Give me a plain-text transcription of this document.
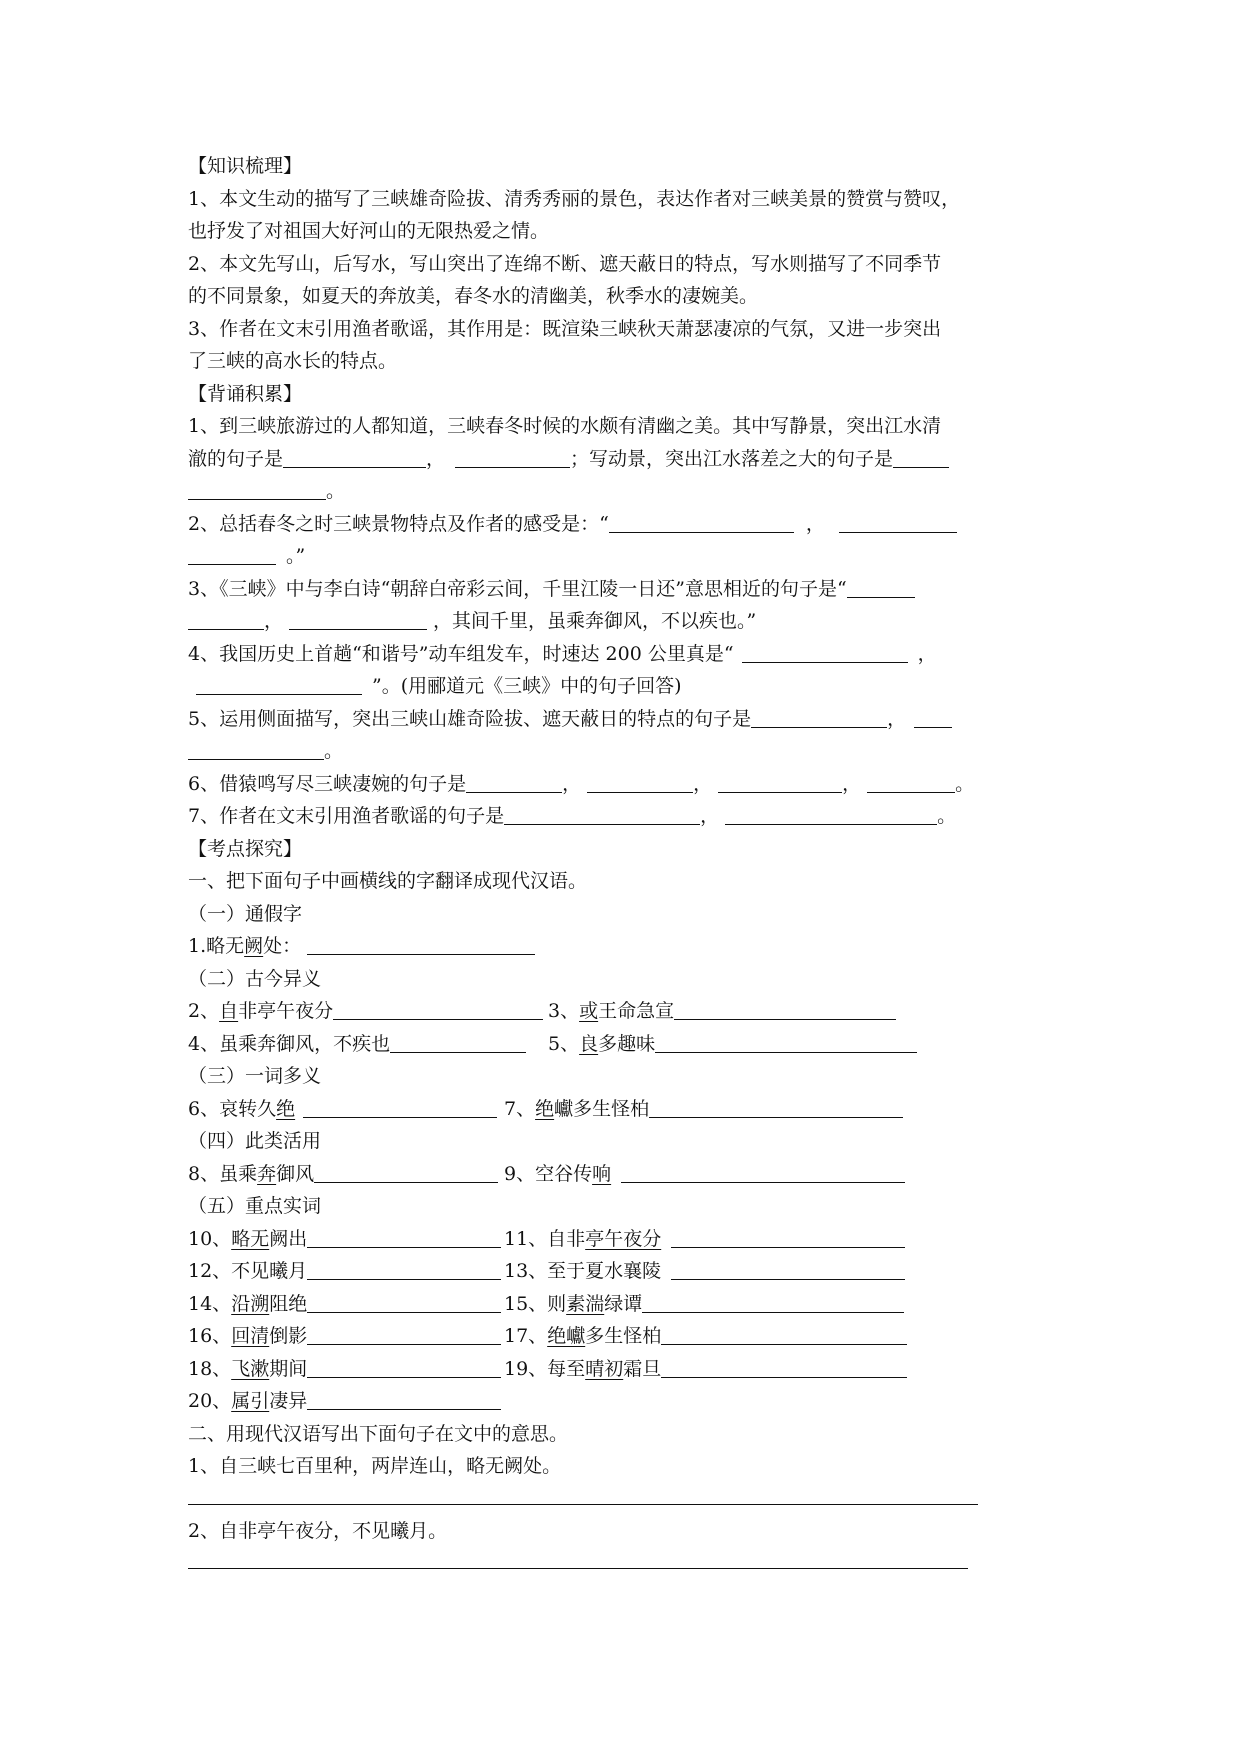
【知识梳理】
1、本文生动的描写了三峡雄奇险拔、清秀秀丽的景色，表达作者对三峡美景的赞赏与赞叹，
也抒发了对祖国大好河山的无限热爱之情。
2、本文先写山，后写水，写山突出了连绵不断、遮天蔽日的特点，写水则描写了不同季节
的不同景象，如夏天的奔放美，春冬水的清幽美，秋季水的凄婉美。
3、作者在文末引用渔者歌谣，其作用是：既渲染三峡秋天萧瑟凄凉的气氛，又进一步突出
了三峡的高水长的特点。
【背诵积累】
1、到三峡旅游过的人都知道，三峡春冬时候的水颇有清幽之美。其中写静景，突出江水清
澈的句子是	，	；写动景，突出江水落差之大的句子是
。
2、总括春冬之时三峡景物特点及作者的感受是：“	，
。”
3、《三峡》中与李白诗“朝辞白帝彩云间，千里江陵一日还”意思相近的句子是“
，	，其间千里，虽乘奔御风，不以疾也。”
4、我国历史上首趟“和谐号”动车组发车，时速达 200 公里真是“	，
”。(用郦道元《三峡》中的句子回答)
5、运用侧面描写，突出三峡山雄奇险拔、遮天蔽日的特点的句子是	，
。
6、借猿鸣写尽三峡凄婉的句子是	，	，	，	。
7、作者在文末引用渔者歌谣的句子是	，	。
【考点探究】
一、把下面句子中画横线的字翻译成现代汉语。
（一）通假字
1.略无阙处：
（二）古今异义
2、自非亭午夜分	3、或王命急宣
4、虽乘奔御风，不疾也	5、良多趣味
（三）一词多义
6、哀转久绝	7、绝巘多生怪柏
（四）此类活用
8、虽乘奔御风	9、空谷传响
（五）重点实词
10、略无阙出	11、自非亭午夜分
12、不见曦月	13、至于夏水襄陵
14、沿溯阻绝	15、则素湍绿谭
16、回清倒影	17、绝巘多生怪柏
18、飞漱期间	19、每至晴初霜旦
20、属引凄异
二、用现代汉语写出下面句子在文中的意思。
1、自三峡七百里种，两岸连山，略无阙处。
2、自非亭午夜分，不见曦月。
